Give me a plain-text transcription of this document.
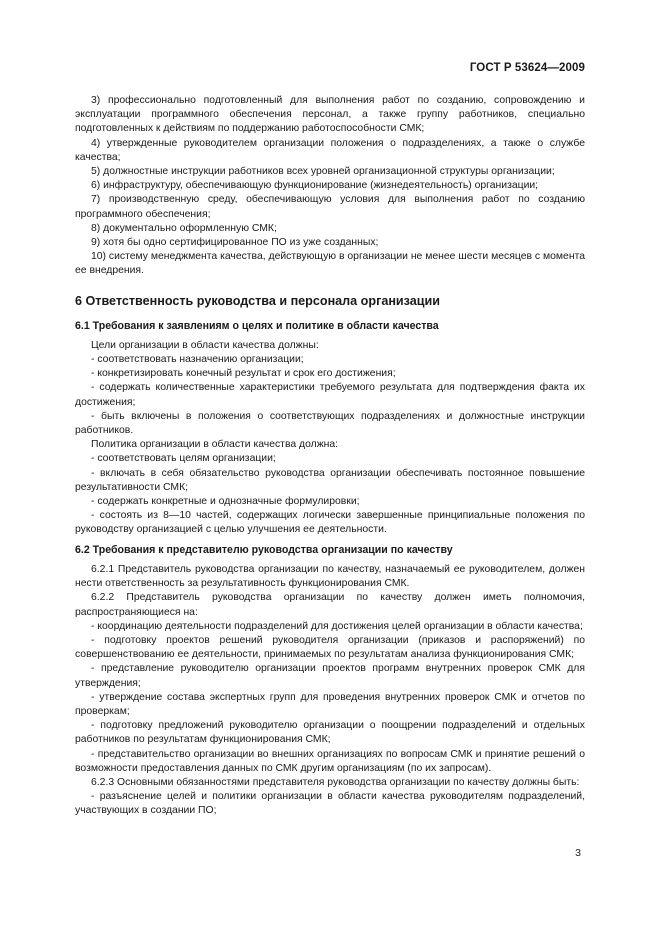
ГОСТ Р 53624—2009
3) профессионально подготовленный для выполнения работ по созданию, сопровождению и эксплуатации программного обеспечения персонал, а также группу работников, специально подготовленных к действиям по поддержанию работоспособности СМК;
4) утвержденные руководителем организации положения о подразделениях, а также о службе качества;
5) должностные инструкции работников всех уровней организационной структуры организации;
6) инфраструктуру, обеспечивающую функционирование (жизнедеятельность) организации;
7) производственную среду, обеспечивающую условия для выполнения работ по созданию программного обеспечения;
8) документально оформленную СМК;
9) хотя бы одно сертифицированное ПО из уже созданных;
10) систему менеджмента качества, действующую в организации не менее шести месяцев с момента ее внедрения.
6 Ответственность руководства и персонала организации
6.1 Требования к заявлениям о целях и политике в области качества
Цели организации в области качества должны:
- соответствовать назначению организации;
- конкретизировать конечный результат и срок его достижения;
- содержать количественные характеристики требуемого результата для подтверждения факта их достижения;
- быть включены в положения о соответствующих подразделениях и должностные инструкции работников.
Политика организации в области качества должна:
- соответствовать целям организации;
- включать в себя обязательство руководства организации обеспечивать постоянное повышение результативности СМК;
- содержать конкретные и однозначные формулировки;
- состоять из 8—10 частей, содержащих логически завершенные принципиальные положения по руководству организацией с целью улучшения ее деятельности.
6.2 Требования к представителю руководства организации по качеству
6.2.1 Представитель руководства организации по качеству, назначаемый ее руководителем, должен нести ответственность за результативность функционирования СМК.
6.2.2 Представитель руководства организации по качеству должен иметь полномочия, распространяющиеся на:
- координацию деятельности подразделений для достижения целей организации в области качества;
- подготовку проектов решений руководителя организации (приказов и распоряжений) по совершенствованию ее деятельности, принимаемых по результатам анализа функционирования СМК;
- представление руководителю организации проектов программ внутренних проверок СМК для утверждения;
- утверждение состава экспертных групп для проведения внутренних проверок СМК и отчетов по проверкам;
- подготовку предложений руководителю организации о поощрении подразделений и отдельных работников по результатам функционирования СМК;
- представительство организации во внешних организациях по вопросам СМК и принятие решений о возможности предоставления данных по СМК другим организациям (по их запросам).
6.2.3 Основными обязанностями представителя руководства организации по качеству должны быть:
- разъяснение целей и политики организации в области качества руководителям подразделений, участвующих в создании ПО;
3
